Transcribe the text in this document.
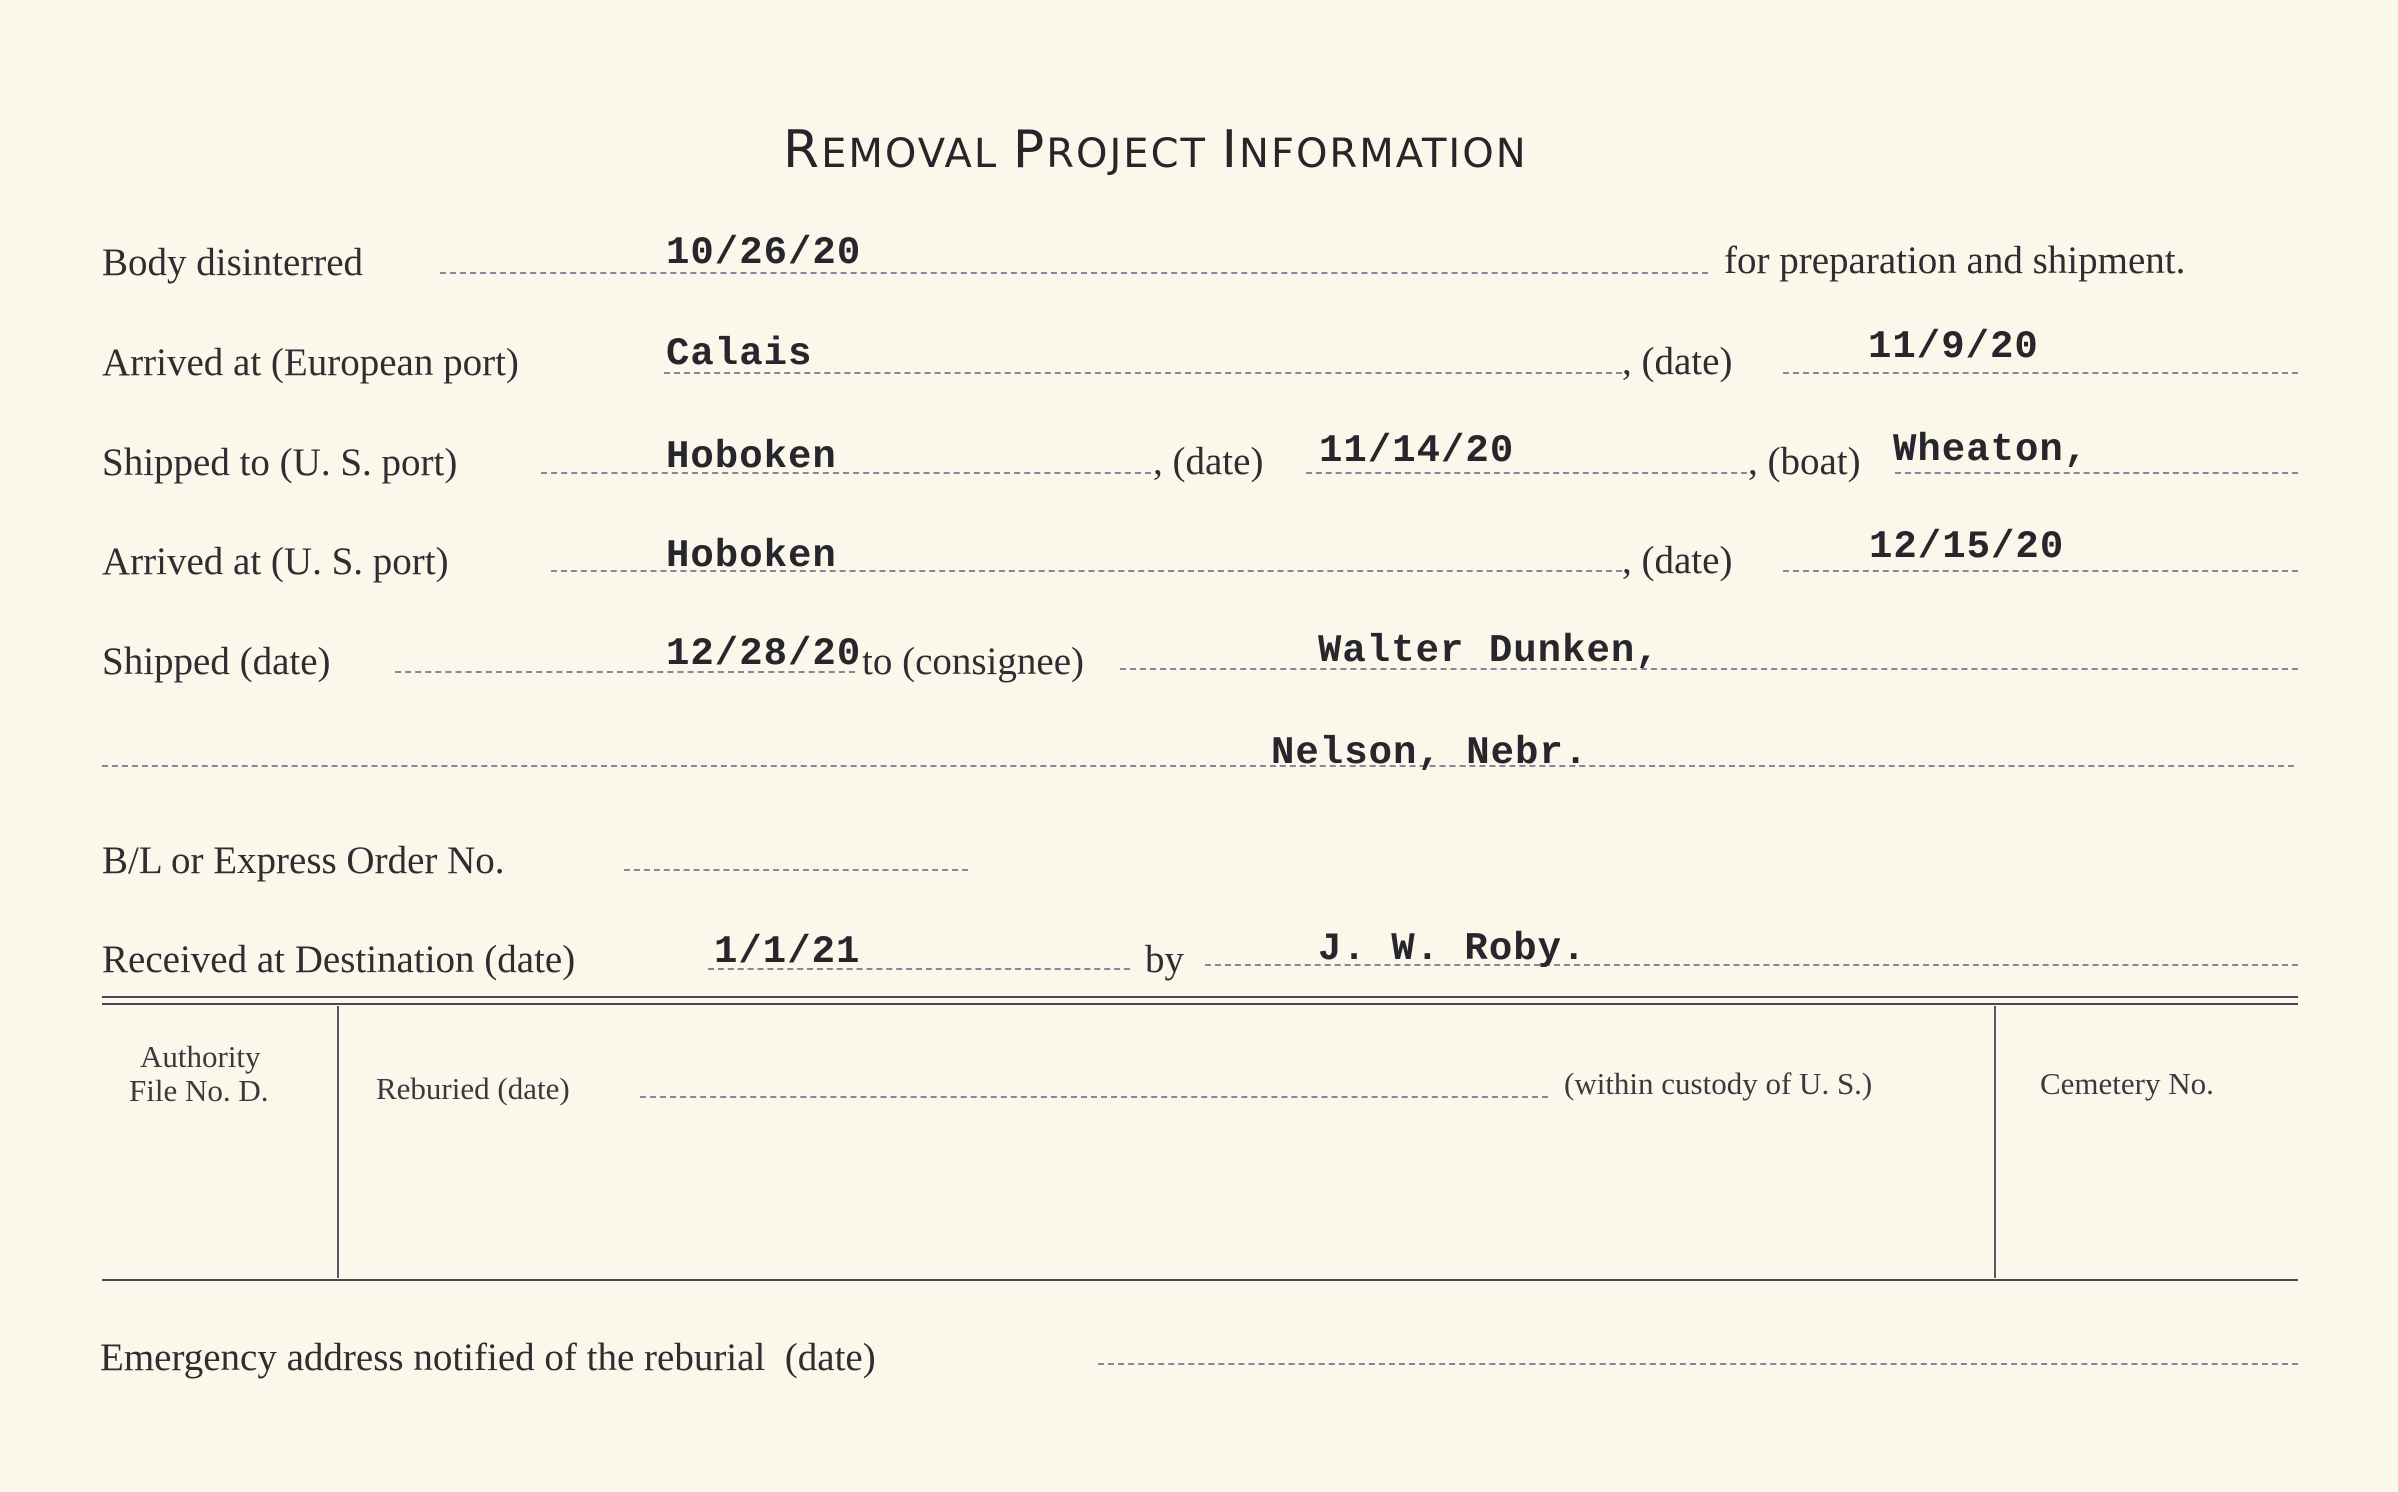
REMOVAL PROJECT INFORMATION
Body disinterred	10/26/20	for preparation and shipment.
Arrived at (European port)	Calais	, (date)	11/9/20
Shipped to (U. S. port)	Hoboken	, (date) 11/14/20	, (boat) Wheaton,
Arrived at (U. S. port)	Hoboken	, (date)	12/15/20
Shipped (date)	12/28/20 to (consignee)	Walter Dunken,
Nelson, Nebr.
B/L or Express Order No.
Received at Destination (date)	1/1/21	by	J. W. Roby.
Authority
File No. D.	Reburied (date)	(within custody of U. S.)	Cemetery No.
Emergency address notified of the reburial  (date)
